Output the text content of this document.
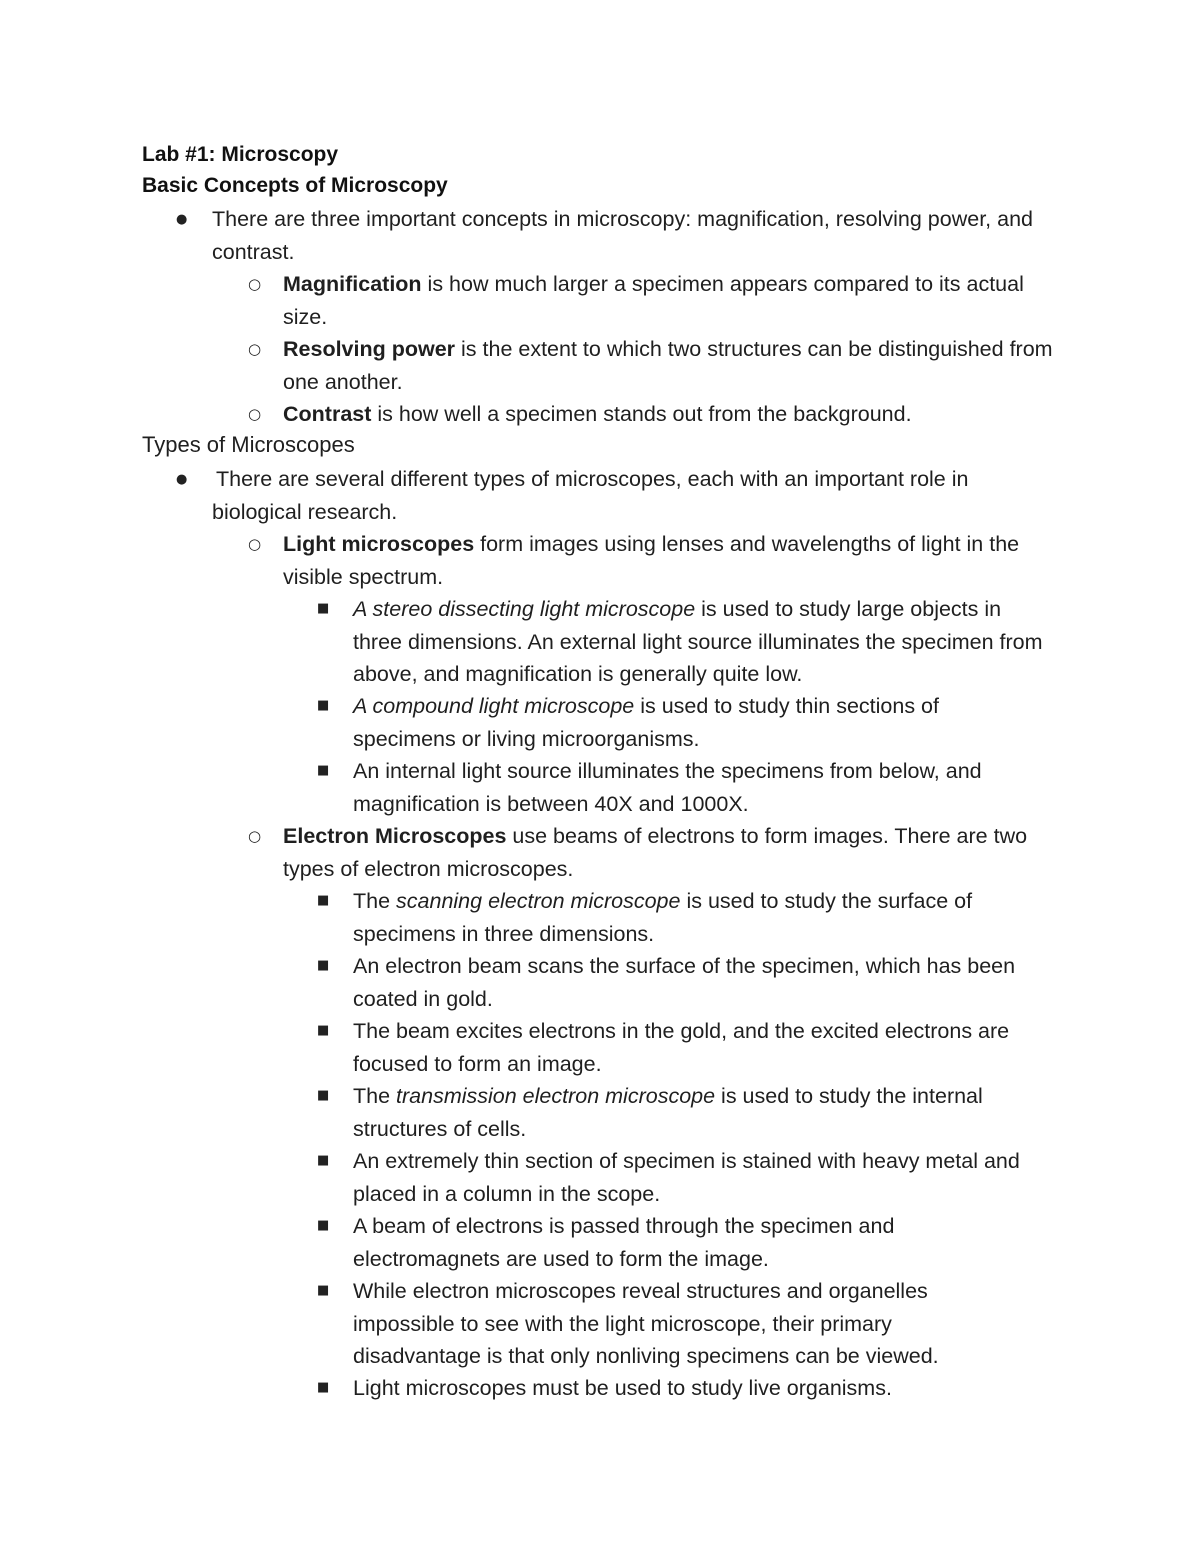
Lab #1: Microscopy
Basic Concepts of Microscopy
● There are three important concepts in microscopy: magnification, resolving power, and contrast.
○ Magnification is how much larger a specimen appears compared to its actual size.
○ Resolving power is the extent to which two structures can be distinguished from one another.
○ Contrast is how well a specimen stands out from the background.
Types of Microscopes
● There are several different types of microscopes, each with an important role in biological research.
○ Light microscopes form images using lenses and wavelengths of light in the visible spectrum.
■ A stereo dissecting light microscope is used to study large objects in three dimensions. An external light source illuminates the specimen from above, and magnification is generally quite low.
■ A compound light microscope is used to study thin sections of specimens or living microorganisms.
■ An internal light source illuminates the specimens from below, and magnification is between 40X and 1000X.
○ Electron Microscopes use beams of electrons to form images. There are two types of electron microscopes.
■ The scanning electron microscope is used to study the surface of specimens in three dimensions.
■ An electron beam scans the surface of the specimen, which has been coated in gold.
■ The beam excites electrons in the gold, and the excited electrons are focused to form an image.
■ The transmission electron microscope is used to study the internal structures of cells.
■ An extremely thin section of specimen is stained with heavy metal and placed in a column in the scope.
■ A beam of electrons is passed through the specimen and electromagnets are used to form the image.
■ While electron microscopes reveal structures and organelles impossible to see with the light microscope, their primary disadvantage is that only nonliving specimens can be viewed.
■ Light microscopes must be used to study live organisms.
